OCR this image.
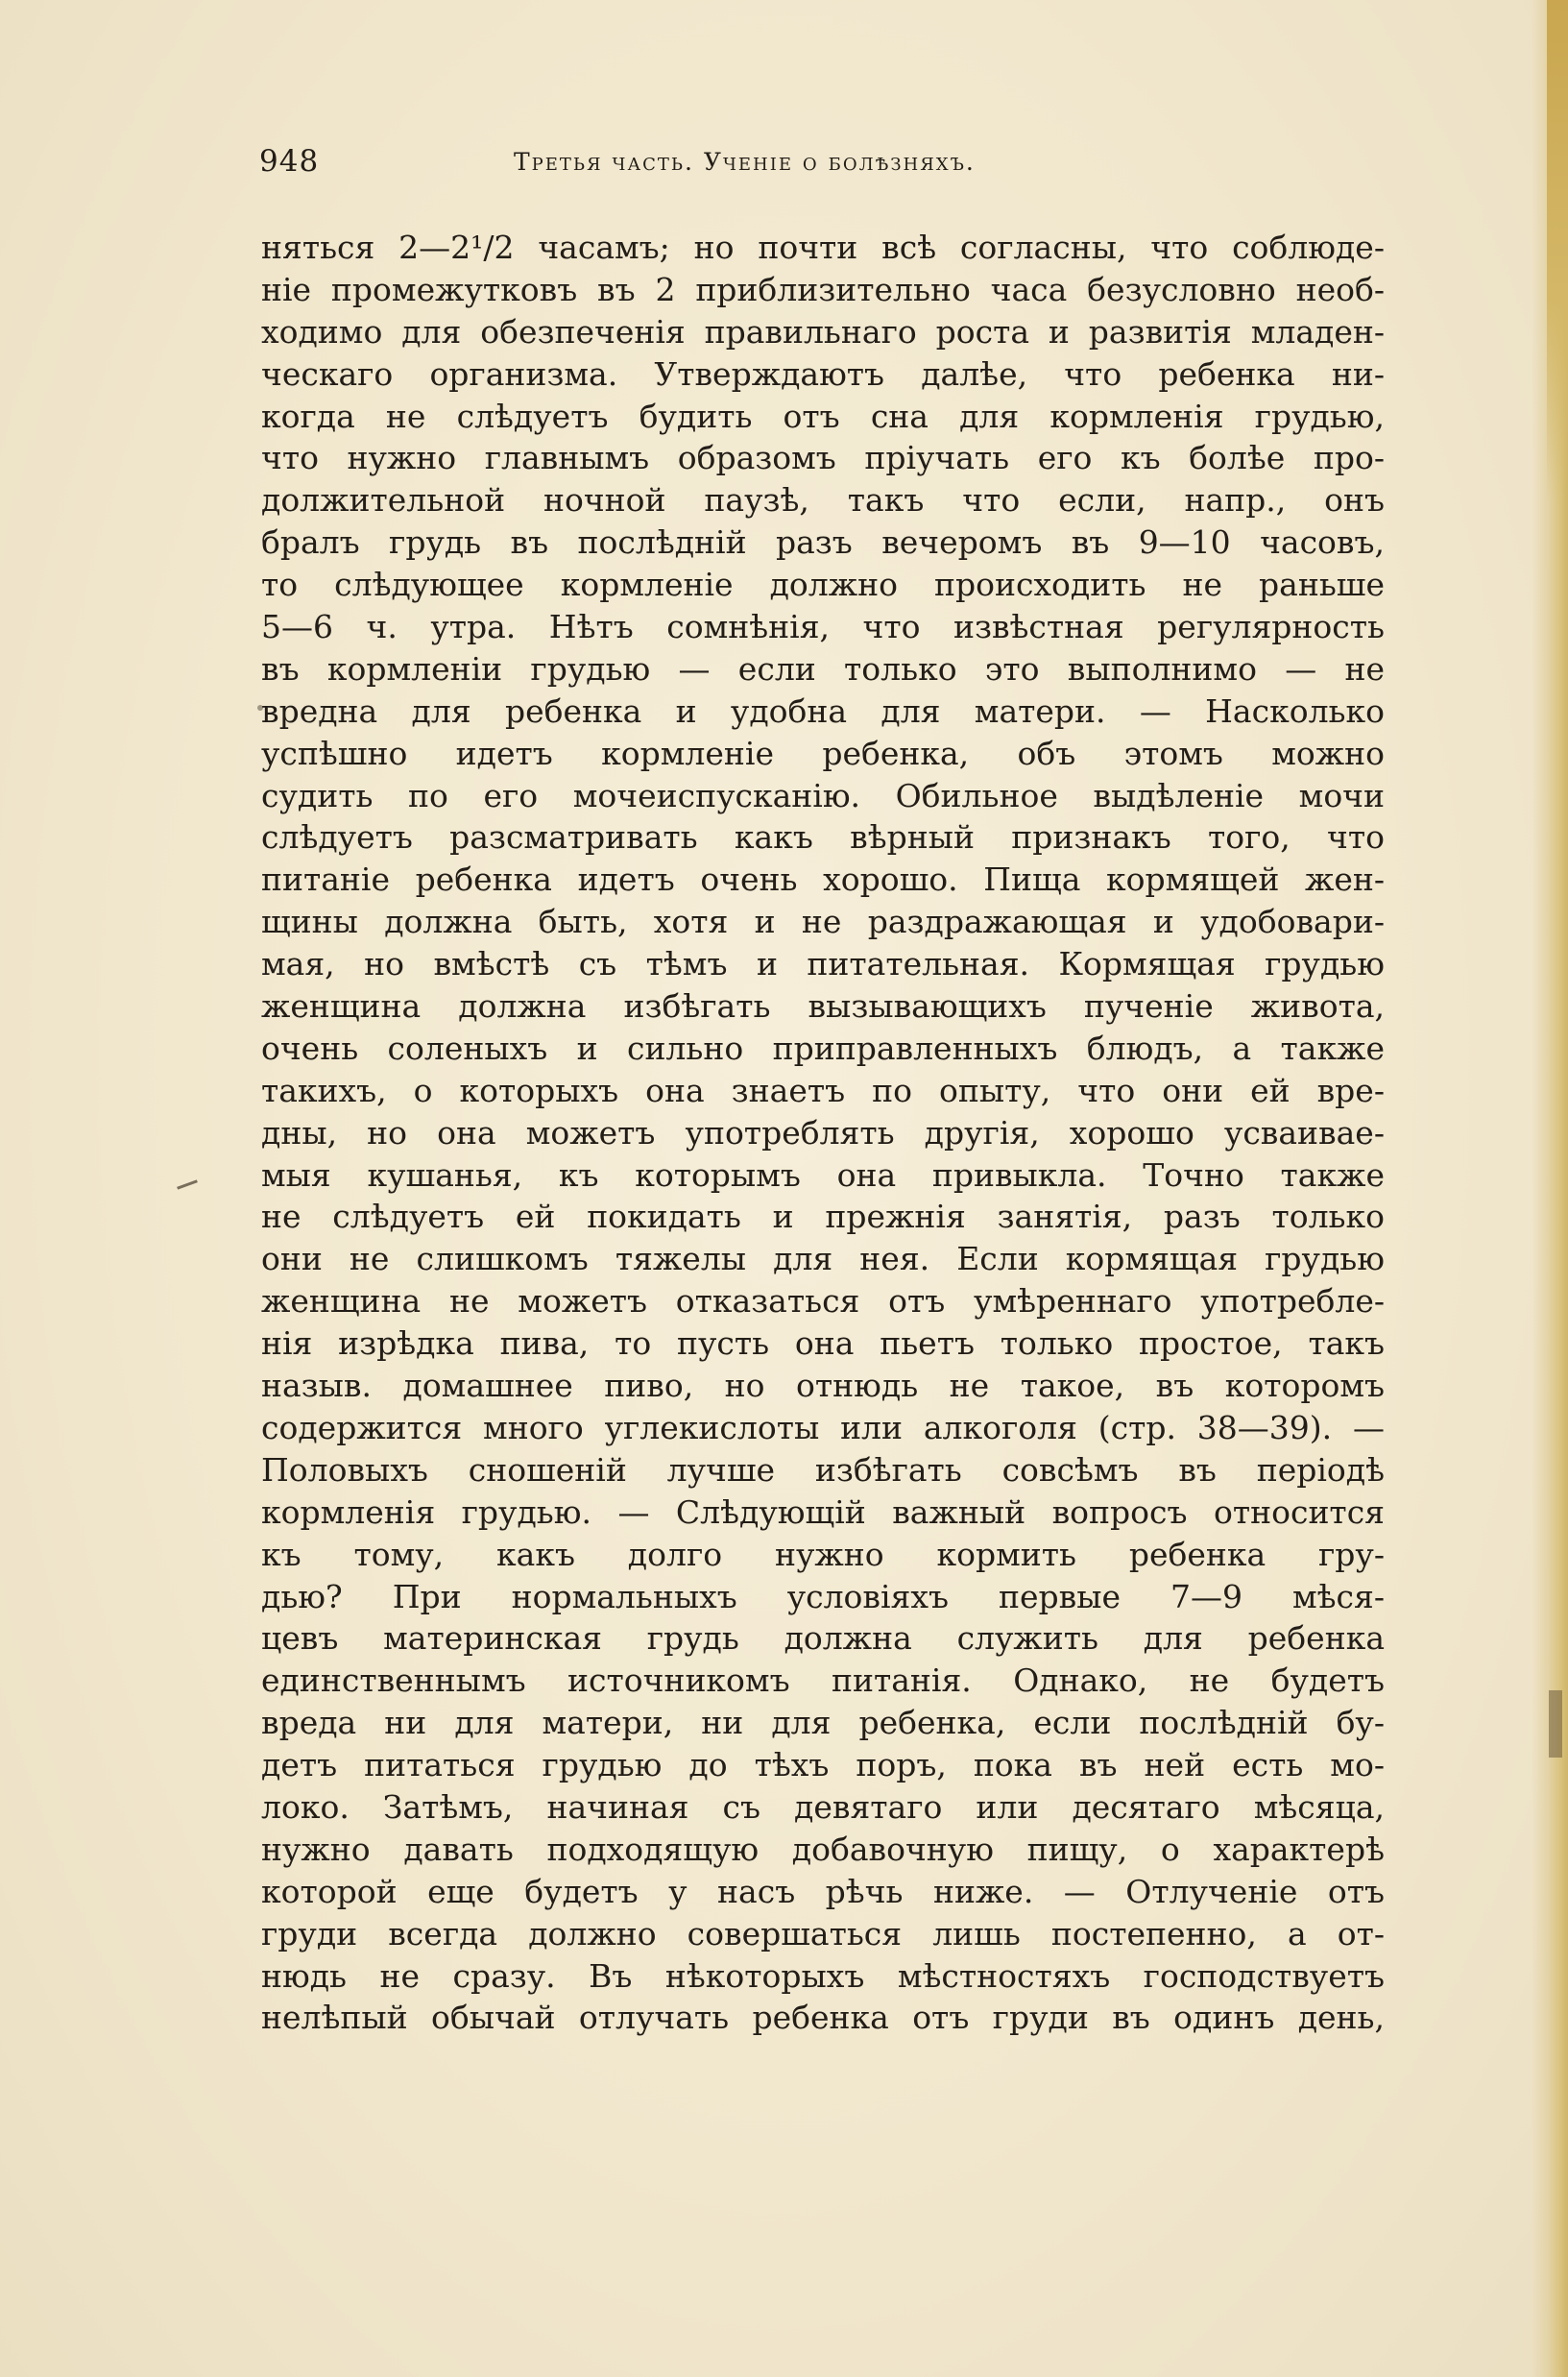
948	Третья часть. Ученіе о болѣзняхъ.
няться 2—2¹/2 часамъ; но почти всѣ согласны, что соблюде-
ніе промежутковъ въ 2 приблизительно часа безусловно необ-
ходимо для обезпеченія правильнаго роста и развитія младен-
ческаго организма. Утверждаютъ далѣе, что ребенка ни-
когда не слѣдуетъ будить отъ сна для кормленія грудью,
что нужно главнымъ образомъ пріучать его къ болѣе про-
должительной ночной паузѣ, такъ что если, напр., онъ
бралъ грудь въ послѣдній разъ вечеромъ въ 9—10 часовъ,
то слѣдующее кормленіе должно происходить не раньше
5—6 ч. утра. Нѣтъ сомнѣнія, что извѣстная регулярность
въ кормленіи грудью — если только это выполнимо — не
вредна для ребенка и удобна для матери. — Насколько
успѣшно идетъ кормленіе ребенка, объ этомъ можно
судить по его мочеиспусканію. Обильное выдѣленіе мочи
слѣдуетъ разсматривать какъ вѣрный признакъ того, что
питаніе ребенка идетъ очень хорошо. Пища кормящей жен-
щины должна быть, хотя и не раздражающая и удобовари-
мая, но вмѣстѣ съ тѣмъ и питательная. Кормящая грудью
женщина должна избѣгать вызывающихъ пученіе живота,
очень соленыхъ и сильно приправленныхъ блюдъ, а также
такихъ, о которыхъ она знаетъ по опыту, что они ей вре-
дны, но она можетъ употреблять другія, хорошо усваивае-
мыя кушанья, къ которымъ она привыкла. Точно также
не слѣдуетъ ей покидать и прежнія занятія, разъ только
они не слишкомъ тяжелы для нея. Если кормящая грудью
женщина не можетъ отказаться отъ умѣреннаго употребле-
нія изрѣдка пива, то пусть она пьетъ только простое, такъ
назыв. домашнее пиво, но отнюдь не такое, въ которомъ
содержится много углекислоты или алкоголя (стр. 38—39). —
Половыхъ сношеній лучше избѣгать совсѣмъ въ періодѣ
кормленія грудью. — Слѣдующій важный вопросъ относится
къ тому, какъ долго нужно кормить ребенка гру-
дью? При нормальныхъ условіяхъ первые 7—9 мѣся-
цевъ материнская грудь должна служить для ребенка
единственнымъ источникомъ питанія. Однако, не будетъ
вреда ни для матери, ни для ребенка, если послѣдній бу-
детъ питаться грудью до тѣхъ поръ, пока въ ней есть мо-
локо. Затѣмъ, начиная съ девятаго или десятаго мѣсяца,
нужно давать подходящую добавочную пищу, о характерѣ
которой еще будетъ у насъ рѣчь ниже. — Отлученіе отъ
груди всегда должно совершаться лишь постепенно, а от-
нюдь не сразу. Въ нѣкоторыхъ мѣстностяхъ господствуетъ
нелѣпый обычай отлучать ребенка отъ груди въ одинъ день,
